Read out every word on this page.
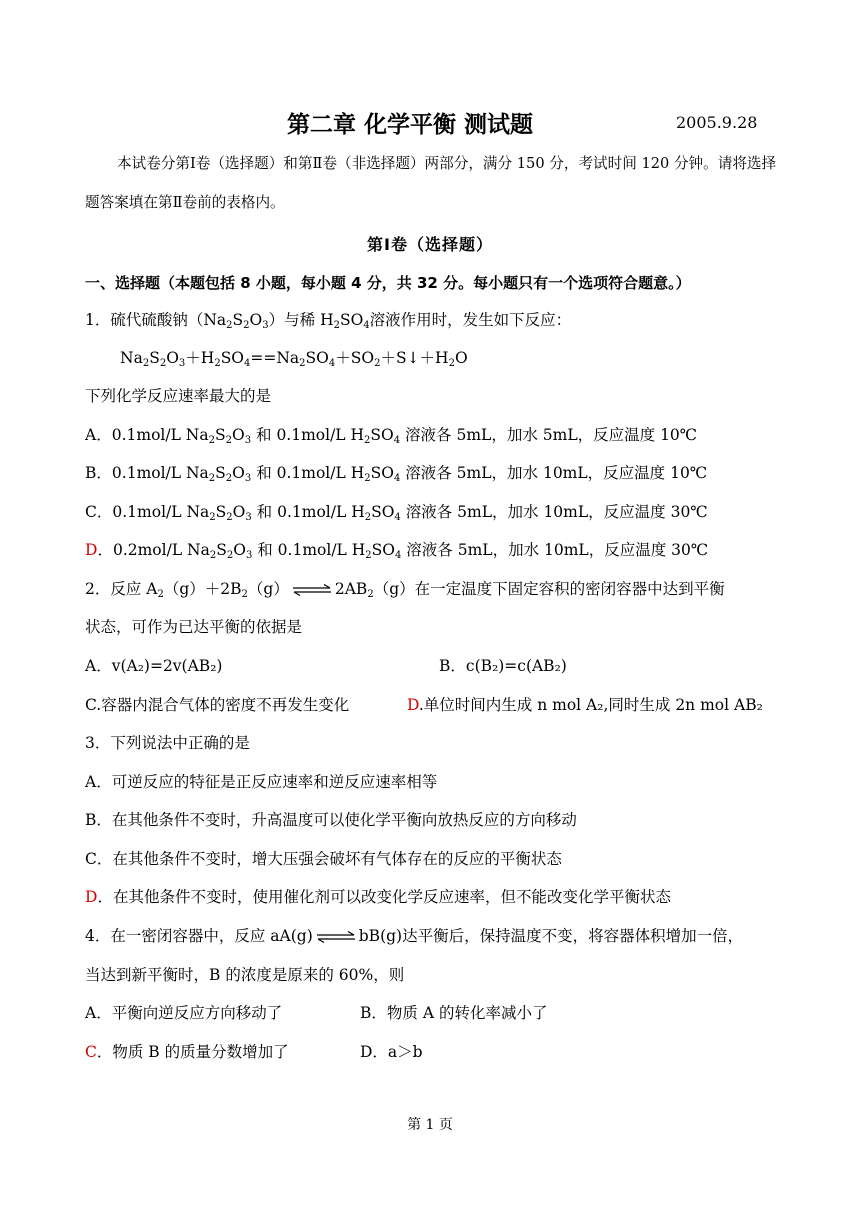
第二章 化学平衡 测试题	2005.9.28
本试卷分第Ⅰ卷（选择题）和第Ⅱ卷（非选择题）两部分，满分 150 分，考试时间 120 分钟。请将选择
题答案填在第Ⅱ卷前的表格内。
第Ⅰ卷（选择题）
一、选择题（本题包括 8 小题，每小题 4 分，共 32 分。每小题只有一个选项符合题意。）
1．硫代硫酸钠$(Na_2S_2O_3)$与稀 $H_2SO_4$溶液作用时，发生如下反应：
$Na_2S_2O_3+H_2SO_4==Na_2SO_4+SO_2+S↓+H_2O$
下列化学反应速率最大的是
A．0.1mol/L $Na_2S_2O_3$ 和 0.1mol/L $H_2SO_4$ 溶液各 5mL，加水 5mL，反应温度 10℃
B．0.1mol/L $Na_2S_2O_3$ 和 0.1mol/L $H_2SO_4$ 溶液各 5mL，加水 10mL，反应温度 10℃
C．0.1mol/L $Na_2S_2O_3$ 和 0.1mol/L $H_2SO_4$ 溶液各 5mL，加水 10mL，反应温度 30℃
D．0.2mol/L $Na_2S_2O_3$ 和 0.1mol/L $H_2SO_4$ 溶液各 5mL，加水 10mL，反应温度 30℃
2．反应 $A_2(g)+2B_2(g)$ ⇌ $2AB_2(g)$在一定温度下固定容积的密闭容器中达到平衡
状态，可作为已达平衡的依据是
A．v(A₂)=2v(AB₂)	B．c(B₂)=c(AB₂)
C.容器内混合气体的密度不再发生变化	D.单位时间内生成 n mol A₂,同时生成 2n mol AB₂
3．下列说法中正确的是
A．可逆反应的特征是正反应速率和逆反应速率相等
B．在其他条件不变时，升高温度可以使化学平衡向放热反应的方向移动
C．在其他条件不变时，增大压强会破坏有气体存在的反应的平衡状态
D．在其他条件不变时，使用催化剂可以改变化学反应速率，但不能改变化学平衡状态
4．在一密闭容器中，反应 aA(g) ⇌ bB(g)达平衡后，保持温度不变，将容器体积增加一倍，
当达到新平衡时，B 的浓度是原来的 60%，则
A．平衡向逆反应方向移动了	B．物质 A 的转化率减小了
C．物质 B 的质量分数增加了	D．a＞b
第 1 页
